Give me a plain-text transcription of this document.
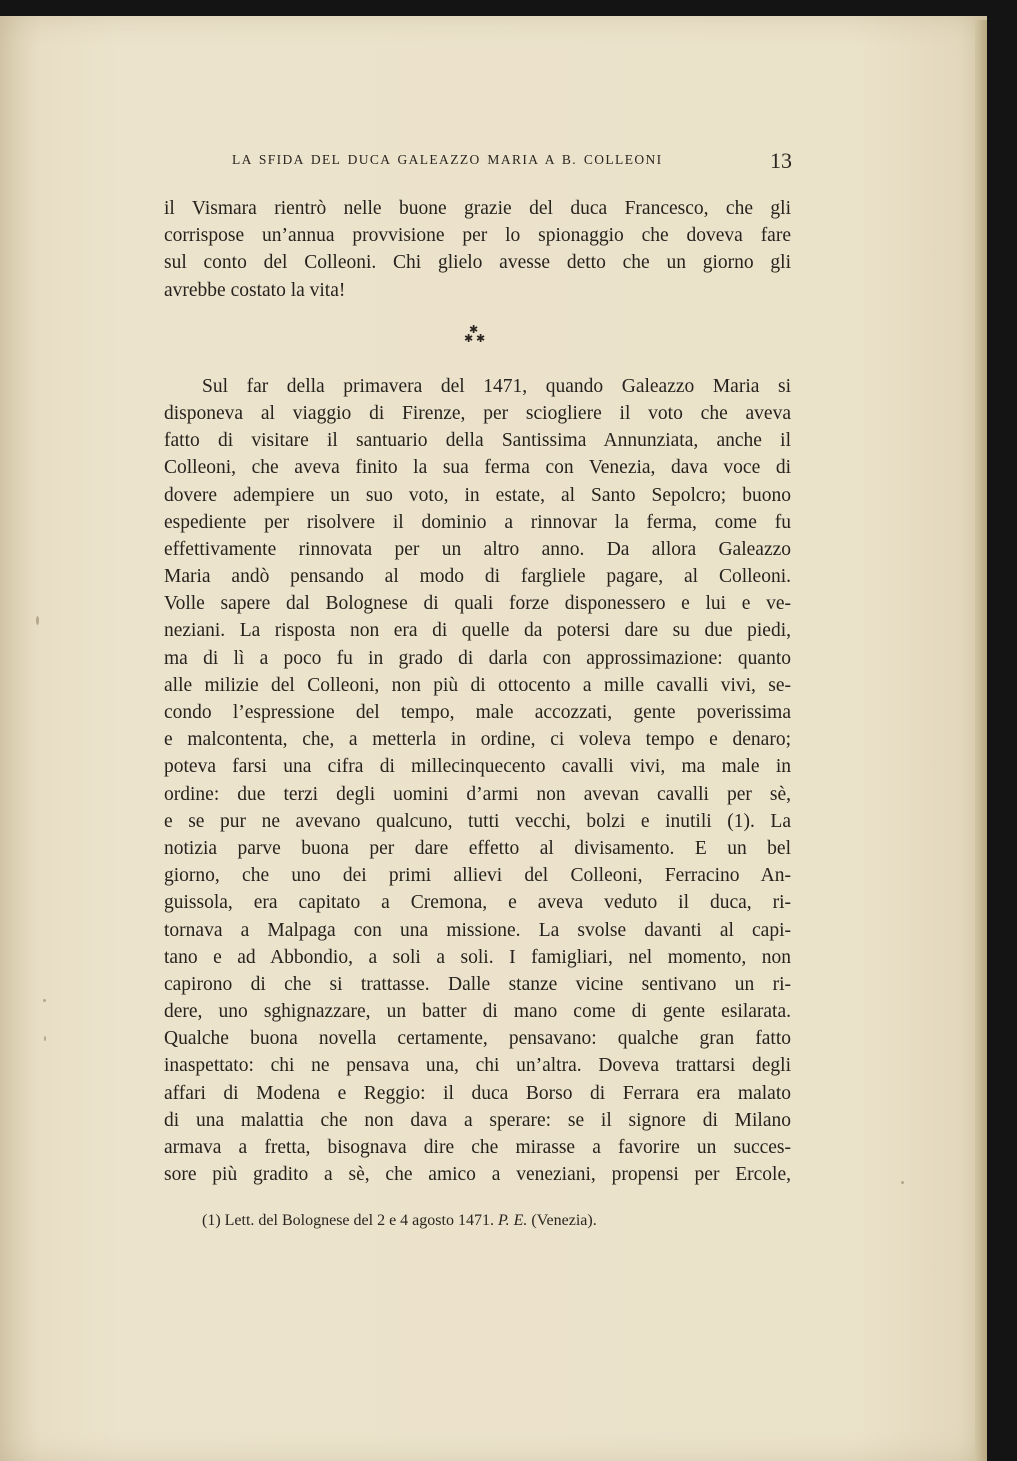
LA SFIDA DEL DUCA GALEAZZO MARIA A B. COLLEONI	13
il Vismara rientrò nelle buone grazie del duca Francesco, che gli
corrispose un’annua provvisione per lo spionaggio che doveva fare
sul conto del Colleoni. Chi glielo avesse detto che un giorno gli
avrebbe costato la vita!
Sul far della primavera del 1471, quando Galeazzo Maria si
disponeva al viaggio di Firenze, per sciogliere il voto che aveva
fatto di visitare il santuario della Santissima Annunziata, anche il
Colleoni, che aveva finito la sua ferma con Venezia, dava voce di
dovere adempiere un suo voto, in estate, al Santo Sepolcro; buono
espediente per risolvere il dominio a rinnovar la ferma, come fu
effettivamente rinnovata per un altro anno. Da allora Galeazzo
Maria andò pensando al modo di fargliele pagare, al Colleoni.
Volle sapere dal Bolognese di quali forze disponessero e lui e ve-
neziani. La risposta non era di quelle da potersi dare su due piedi,
ma di lì a poco fu in grado di darla con approssimazione: quanto
alle milizie del Colleoni, non più di ottocento a mille cavalli vivi, se-
condo l’espressione del tempo, male accozzati, gente poverissima
e malcontenta, che, a metterla in ordine, ci voleva tempo e denaro;
poteva farsi una cifra di millecinquecento cavalli vivi, ma male in
ordine: due terzi degli uomini d’armi non avevan cavalli per sè,
e se pur ne avevano qualcuno, tutti vecchi, bolzi e inutili (1). La
notizia parve buona per dare effetto al divisamento. E un bel
giorno, che uno dei primi allievi del Colleoni, Ferracino An-
guissola, era capitato a Cremona, e aveva veduto il duca, ri-
tornava a Malpaga con una missione. La svolse davanti al capi-
tano e ad Abbondio, a soli a soli. I famigliari, nel momento, non
capirono di che si trattasse. Dalle stanze vicine sentivano un ri-
dere, uno sghignazzare, un batter di mano come di gente esilarata.
Qualche buona novella certamente, pensavano: qualche gran fatto
inaspettato: chi ne pensava una, chi un’altra. Doveva trattarsi degli
affari di Modena e Reggio: il duca Borso di Ferrara era malato
di una malattia che non dava a sperare: se il signore di Milano
armava a fretta, bisognava dire che mirasse a favorire un succes-
sore più gradito a sè, che amico a veneziani, propensi per Ercole,
✱
✱ ✱
(1) Lett. del Bolognese del 2 e 4 agosto 1471. P. E. (Venezia).
